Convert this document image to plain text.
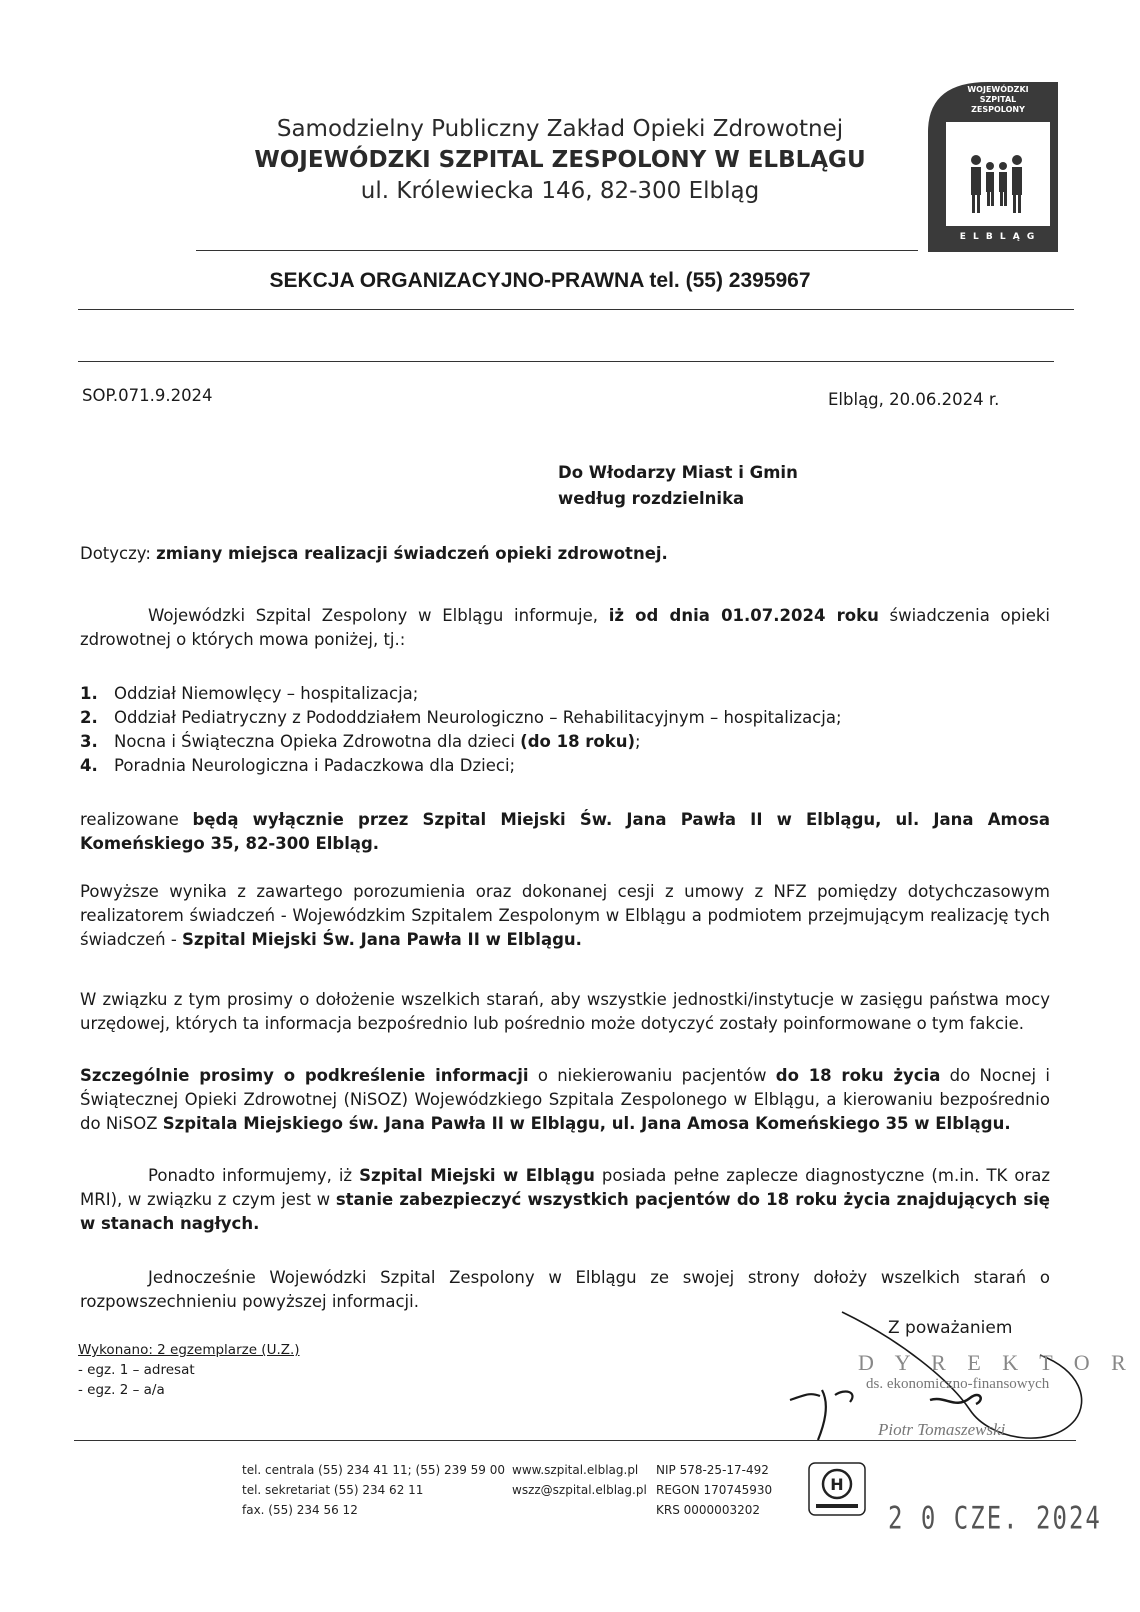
Samodzielny Publiczny Zakład Opieki Zdrowotnej
WOJEWÓDZKI SZPITAL ZESPOLONY W ELBLĄGU
ul. Królewiecka 146, 82-300 Elbląg
WOJEWÓDZKI
SZPITAL
ZESPOLONY
E L B L Ą G
SEKCJA ORGANIZACYJNO-PRAWNA tel. (55) 2395967
SOP.071.9.2024	Elbląg, 20.06.2024 r.
Do Włodarzy Miast i Gmin
według rozdzielnika
Dotyczy: zmiany miejsca realizacji świadczeń opieki zdrowotnej.
Wojewódzki Szpital Zespolony w Elblągu informuje, iż od dnia 01.07.2024 roku świadczenia opieki zdrowotnej o których mowa poniżej, tj.:
1. Oddział Niemowlęcy – hospitalizacja;
2. Oddział Pediatryczny z Pododdziałem Neurologiczno – Rehabilitacyjnym – hospitalizacja;
3. Nocna i Świąteczna Opieka Zdrowotna dla dzieci (do 18 roku);
4. Poradnia Neurologiczna i Padaczkowa dla Dzieci;
realizowane będą wyłącznie przez Szpital Miejski Św. Jana Pawła II w Elblągu, ul. Jana Amosa Komeńskiego 35, 82-300 Elbląg.
Powyższe wynika z zawartego porozumienia oraz dokonanej cesji z umowy z NFZ pomiędzy dotychczasowym realizatorem świadczeń - Wojewódzkim Szpitalem Zespolonym w Elblągu a podmiotem przejmującym realizację tych świadczeń - Szpital Miejski Św. Jana Pawła II w Elblągu.
W związku z tym prosimy o dołożenie wszelkich starań, aby wszystkie jednostki/instytucje w zasięgu państwa mocy urzędowej, których ta informacja bezpośrednio lub pośrednio może dotyczyć zostały poinformowane o tym fakcie.
Szczególnie prosimy o podkreślenie informacji o niekierowaniu pacjentów do 18 roku życia do Nocnej i Świątecznej Opieki Zdrowotnej (NiSOZ) Wojewódzkiego Szpitala Zespolonego w Elblągu, a kierowaniu bezpośrednio do NiSOZ Szpitala Miejskiego św. Jana Pawła II w Elblągu, ul. Jana Amosa Komeńskiego 35 w Elblągu.
Ponadto informujemy, iż Szpital Miejski w Elblągu posiada pełne zaplecze diagnostyczne (m.in. TK oraz MRI), w związku z czym jest w stanie zabezpieczyć wszystkich pacjentów do 18 roku życia znajdujących się w stanach nagłych.
Jednocześnie Wojewódzki Szpital Zespolony w Elblągu ze swojej strony dołoży wszelkich starań o rozpowszechnieniu powyższej informacji.
Wykonano: 2 egzemplarze (U.Z.)
- egz. 1 – adresat
- egz. 2 – a/a
Z poważaniem
D Y R E K T O R
ds. ekonomiczno-finansowych
Piotr Tomaszewski
tel. centrala (55) 234 41 11; (55) 239 59 00
tel. sekretariat (55) 234 62 11
fax. (55) 234 56 12
www.szpital.elblag.pl
wszz@szpital.elblag.pl
NIP 578-25-17-492
REGON 170745930
KRS 0000003202
H
2 0 CZE. 2024
